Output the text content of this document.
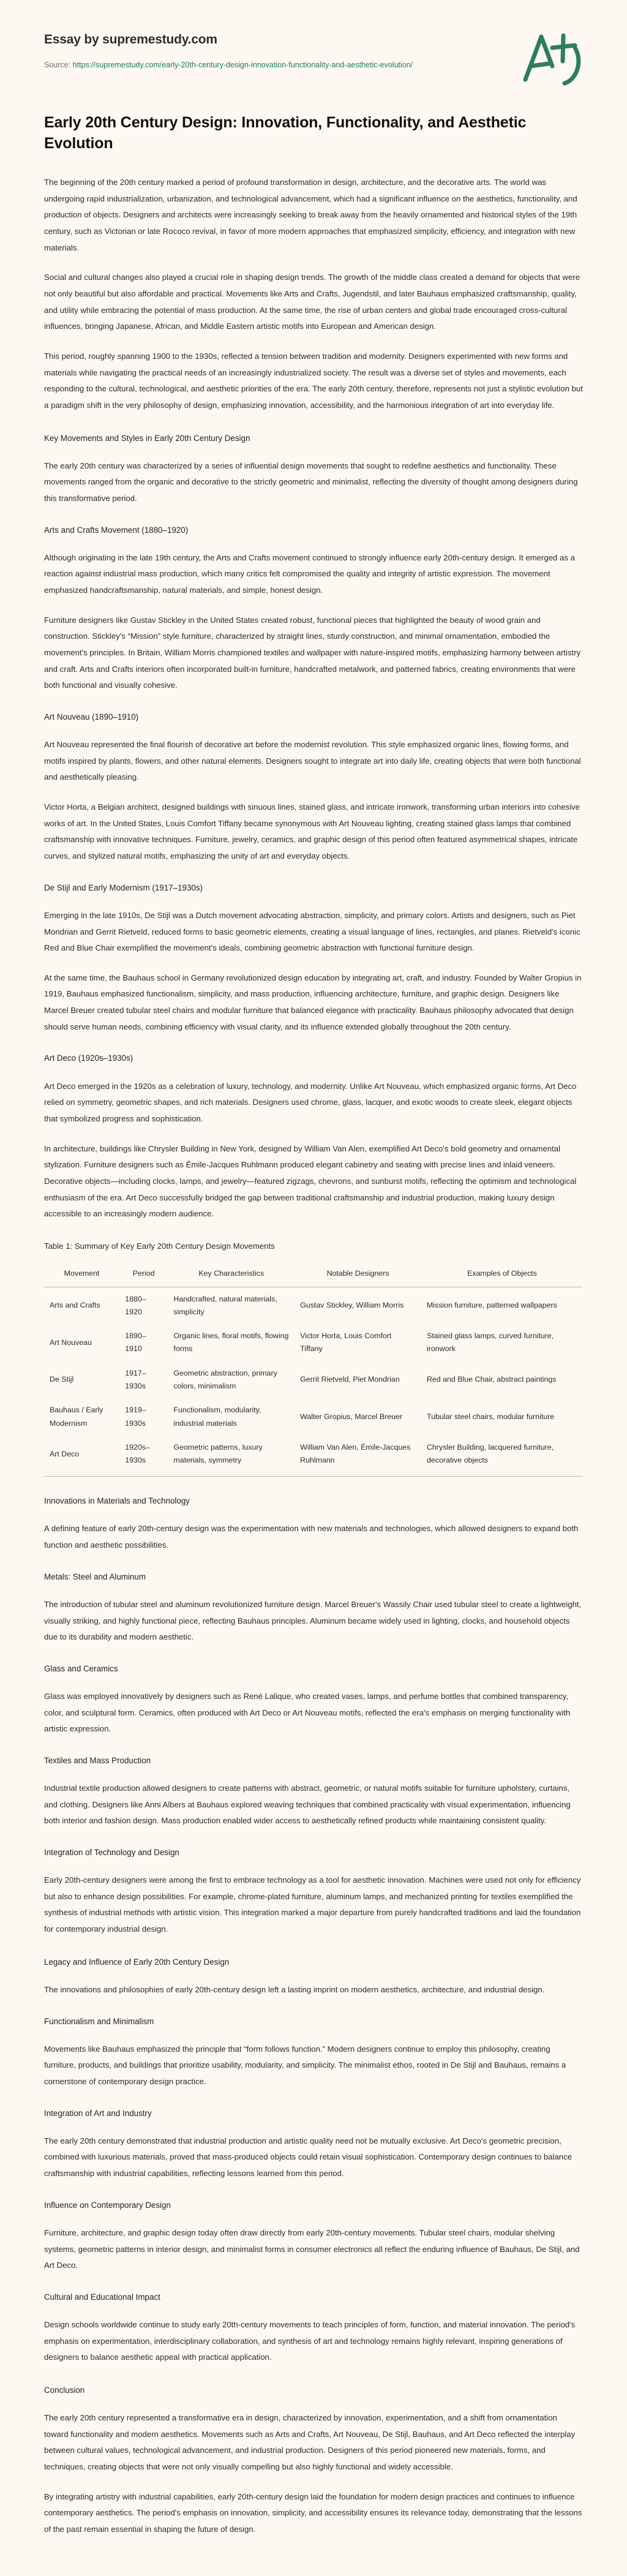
Essay by supremestudy.com

Source: https://supremestudy.com/early-20th-century-design-innovation-functionality-and-aesthetic-evolution/

Early 20th Century Design: Innovation, Functionality, and Aesthetic Evolution

The beginning of the 20th century marked a period of profound transformation in design, architecture, and the decorative arts. The world was undergoing rapid industrialization, urbanization, and technological advancement, which had a significant influence on the aesthetics, functionality, and production of objects. Designers and architects were increasingly seeking to break away from the heavily ornamented and historical styles of the 19th century, such as Victorian or late Rococo revival, in favor of more modern approaches that emphasized simplicity, efficiency, and integration with new materials.

Social and cultural changes also played a crucial role in shaping design trends. The growth of the middle class created a demand for objects that were not only beautiful but also affordable and practical. Movements like Arts and Crafts, Jugendstil, and later Bauhaus emphasized craftsmanship, quality, and utility while embracing the potential of mass production. At the same time, the rise of urban centers and global trade encouraged cross-cultural influences, bringing Japanese, African, and Middle Eastern artistic motifs into European and American design.

This period, roughly spanning 1900 to the 1930s, reflected a tension between tradition and modernity. Designers experimented with new forms and materials while navigating the practical needs of an increasingly industrialized society. The result was a diverse set of styles and movements, each responding to the cultural, technological, and aesthetic priorities of the era. The early 20th century, therefore, represents not just a stylistic evolution but a paradigm shift in the very philosophy of design, emphasizing innovation, accessibility, and the harmonious integration of art into everyday life.

Key Movements and Styles in Early 20th Century Design

The early 20th century was characterized by a series of influential design movements that sought to redefine aesthetics and functionality. These movements ranged from the organic and decorative to the strictly geometric and minimalist, reflecting the diversity of thought among designers during this transformative period.

Arts and Crafts Movement (1880–1920)

Although originating in the late 19th century, the Arts and Crafts movement continued to strongly influence early 20th-century design. It emerged as a reaction against industrial mass production, which many critics felt compromised the quality and integrity of artistic expression. The movement emphasized handcraftsmanship, natural materials, and simple, honest design.

Furniture designers like Gustav Stickley in the United States created robust, functional pieces that highlighted the beauty of wood grain and construction. Stickley's “Mission” style furniture, characterized by straight lines, sturdy construction, and minimal ornamentation, embodied the movement's principles. In Britain, William Morris championed textiles and wallpaper with nature-inspired motifs, emphasizing harmony between artistry and craft. Arts and Crafts interiors often incorporated built-in furniture, handcrafted metalwork, and patterned fabrics, creating environments that were both functional and visually cohesive.

Art Nouveau (1890–1910)

Art Nouveau represented the final flourish of decorative art before the modernist revolution. This style emphasized organic lines, flowing forms, and motifs inspired by plants, flowers, and other natural elements. Designers sought to integrate art into daily life, creating objects that were both functional and aesthetically pleasing.

Victor Horta, a Belgian architect, designed buildings with sinuous lines, stained glass, and intricate ironwork, transforming urban interiors into cohesive works of art. In the United States, Louis Comfort Tiffany became synonymous with Art Nouveau lighting, creating stained glass lamps that combined craftsmanship with innovative techniques. Furniture, jewelry, ceramics, and graphic design of this period often featured asymmetrical shapes, intricate curves, and stylized natural motifs, emphasizing the unity of art and everyday objects.

De Stijl and Early Modernism (1917–1930s)

Emerging in the late 1910s, De Stijl was a Dutch movement advocating abstraction, simplicity, and primary colors. Artists and designers, such as Piet Mondrian and Gerrit Rietveld, reduced forms to basic geometric elements, creating a visual language of lines, rectangles, and planes. Rietveld's iconic Red and Blue Chair exemplified the movement's ideals, combining geometric abstraction with functional furniture design.

At the same time, the Bauhaus school in Germany revolutionized design education by integrating art, craft, and industry. Founded by Walter Gropius in 1919, Bauhaus emphasized functionalism, simplicity, and mass production, influencing architecture, furniture, and graphic design. Designers like Marcel Breuer created tubular steel chairs and modular furniture that balanced elegance with practicality. Bauhaus philosophy advocated that design should serve human needs, combining efficiency with visual clarity, and its influence extended globally throughout the 20th century.

Art Deco (1920s–1930s)

Art Deco emerged in the 1920s as a celebration of luxury, technology, and modernity. Unlike Art Nouveau, which emphasized organic forms, Art Deco relied on symmetry, geometric shapes, and rich materials. Designers used chrome, glass, lacquer, and exotic woods to create sleek, elegant objects that symbolized progress and sophistication.

In architecture, buildings like Chrysler Building in New York, designed by William Van Alen, exemplified Art Deco's bold geometry and ornamental stylization. Furniture designers such as Émile-Jacques Ruhlmann produced elegant cabinetry and seating with precise lines and inlaid veneers. Decorative objects—including clocks, lamps, and jewelry—featured zigzags, chevrons, and sunburst motifs, reflecting the optimism and technological enthusiasm of the era. Art Deco successfully bridged the gap between traditional craftsmanship and industrial production, making luxury design accessible to an increasingly modern audience.

Table 1: Summary of Key Early 20th Century Design Movements
Movement	Period	Key Characteristics	Notable Designers	Examples of Objects
Arts and Crafts	1880–1920	Handcrafted, natural materials, simplicity	Gustav Stickley, William Morris	Mission furniture, patterned wallpapers
Art Nouveau	1890–1910	Organic lines, floral motifs, flowing forms	Victor Horta, Louis Comfort Tiffany	Stained glass lamps, curved furniture, ironwork
De Stijl	1917–1930s	Geometric abstraction, primary colors, minimalism	Gerrit Rietveld, Piet Mondrian	Red and Blue Chair, abstract paintings
Bauhaus / Early Modernism	1919–1930s	Functionalism, modularity, industrial materials	Walter Gropius, Marcel Breuer	Tubular steel chairs, modular furniture
Art Deco	1920s–1930s	Geometric patterns, luxury materials, symmetry	William Van Alen, Émile-Jacques Ruhlmann	Chrysler Building, lacquered furniture, decorative objects

Innovations in Materials and Technology

A defining feature of early 20th-century design was the experimentation with new materials and technologies, which allowed designers to expand both function and aesthetic possibilities.

Metals: Steel and Aluminum

The introduction of tubular steel and aluminum revolutionized furniture design. Marcel Breuer's Wassily Chair used tubular steel to create a lightweight, visually striking, and highly functional piece, reflecting Bauhaus principles. Aluminum became widely used in lighting, clocks, and household objects due to its durability and modern aesthetic.

Glass and Ceramics

Glass was employed innovatively by designers such as René Lalique, who created vases, lamps, and perfume bottles that combined transparency, color, and sculptural form. Ceramics, often produced with Art Deco or Art Nouveau motifs, reflected the era's emphasis on merging functionality with artistic expression.

Textiles and Mass Production

Industrial textile production allowed designers to create patterns with abstract, geometric, or natural motifs suitable for furniture upholstery, curtains, and clothing. Designers like Anni Albers at Bauhaus explored weaving techniques that combined practicality with visual experimentation, influencing both interior and fashion design. Mass production enabled wider access to aesthetically refined products while maintaining consistent quality.

Integration of Technology and Design

Early 20th-century designers were among the first to embrace technology as a tool for aesthetic innovation. Machines were used not only for efficiency but also to enhance design possibilities. For example, chrome-plated furniture, aluminum lamps, and mechanized printing for textiles exemplified the synthesis of industrial methods with artistic vision. This integration marked a major departure from purely handcrafted traditions and laid the foundation for contemporary industrial design.

Legacy and Influence of Early 20th Century Design

The innovations and philosophies of early 20th-century design left a lasting imprint on modern aesthetics, architecture, and industrial design.

Functionalism and Minimalism

Movements like Bauhaus emphasized the principle that “form follows function.” Modern designers continue to employ this philosophy, creating furniture, products, and buildings that prioritize usability, modularity, and simplicity. The minimalist ethos, rooted in De Stijl and Bauhaus, remains a cornerstone of contemporary design practice.

Integration of Art and Industry

The early 20th century demonstrated that industrial production and artistic quality need not be mutually exclusive. Art Deco's geometric precision, combined with luxurious materials, proved that mass-produced objects could retain visual sophistication. Contemporary design continues to balance craftsmanship with industrial capabilities, reflecting lessons learned from this period.

Influence on Contemporary Design

Furniture, architecture, and graphic design today often draw directly from early 20th-century movements. Tubular steel chairs, modular shelving systems, geometric patterns in interior design, and minimalist forms in consumer electronics all reflect the enduring influence of Bauhaus, De Stijl, and Art Deco.

Cultural and Educational Impact

Design schools worldwide continue to study early 20th-century movements to teach principles of form, function, and material innovation. The period's emphasis on experimentation, interdisciplinary collaboration, and synthesis of art and technology remains highly relevant, inspiring generations of designers to balance aesthetic appeal with practical application.

Conclusion

The early 20th century represented a transformative era in design, characterized by innovation, experimentation, and a shift from ornamentation toward functionality and modern aesthetics. Movements such as Arts and Crafts, Art Nouveau, De Stijl, Bauhaus, and Art Deco reflected the interplay between cultural values, technological advancement, and industrial production. Designers of this period pioneered new materials, forms, and techniques, creating objects that were not only visually compelling but also highly functional and widely accessible.

By integrating artistry with industrial capabilities, early 20th-century design laid the foundation for modern design practices and continues to influence contemporary aesthetics. The period's emphasis on innovation, simplicity, and accessibility ensures its relevance today, demonstrating that the lessons of the past remain essential in shaping the future of design.
